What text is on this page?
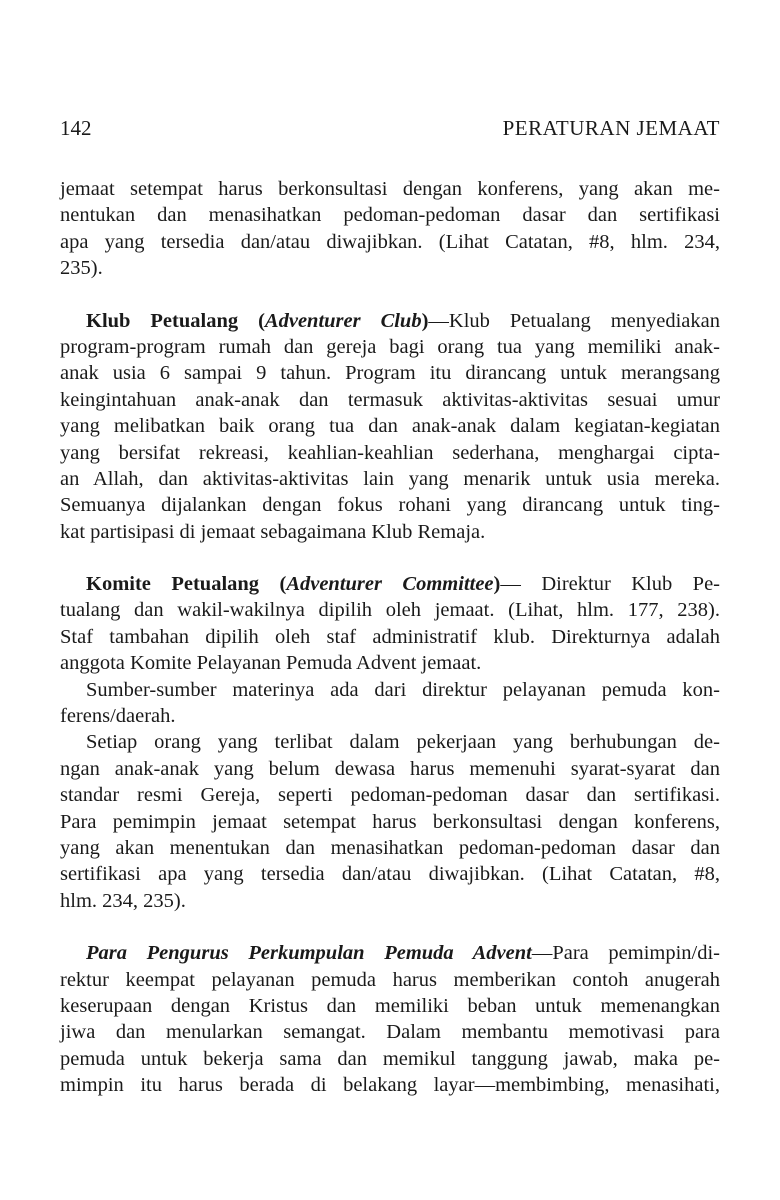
142	PERATURAN JEMAAT
jemaat setempat harus berkonsultasi dengan konferens, yang akan me-
nentukan dan menasihatkan pedoman-pedoman dasar dan sertifikasi
apa yang tersedia dan/atau diwajibkan. (Lihat Catatan, #8, hlm. 234,
235).
Klub Petualang (Adventurer Club)—Klub Petualang menyediakan
program-program rumah dan gereja bagi orang tua yang memiliki anak-
anak usia 6 sampai 9 tahun. Program itu dirancang untuk merangsang
keingintahuan anak-anak dan termasuk aktivitas-aktivitas sesuai umur
yang melibatkan baik orang tua dan anak-anak dalam kegiatan-kegiatan
yang bersifat rekreasi, keahlian-keahlian sederhana, menghargai cipta-
an Allah, dan aktivitas-aktivitas lain yang menarik untuk usia mereka.
Semuanya dijalankan dengan fokus rohani yang dirancang untuk ting-
kat partisipasi di jemaat sebagaimana Klub Remaja.
Komite Petualang (Adventurer Committee)— Direktur Klub Pe-
tualang dan wakil-wakilnya dipilih oleh jemaat. (Lihat, hlm. 177, 238).
Staf tambahan dipilih oleh staf administratif klub. Direkturnya adalah
anggota Komite Pelayanan Pemuda Advent jemaat.
Sumber-sumber materinya ada dari direktur pelayanan pemuda kon-
ferens/daerah.
Setiap orang yang terlibat dalam pekerjaan yang berhubungan de-
ngan anak-anak yang belum dewasa harus memenuhi syarat-syarat dan
standar resmi Gereja, seperti pedoman-pedoman dasar dan sertifikasi.
Para pemimpin jemaat setempat harus berkonsultasi dengan konferens,
yang akan menentukan dan menasihatkan pedoman-pedoman dasar dan
sertifikasi apa yang tersedia dan/atau diwajibkan. (Lihat Catatan, #8,
hlm. 234, 235).
Para Pengurus Perkumpulan Pemuda Advent—Para pemimpin/di-
rektur keempat pelayanan pemuda harus memberikan contoh anugerah
keserupaan dengan Kristus dan memiliki beban untuk memenangkan
jiwa dan menularkan semangat. Dalam membantu memotivasi para
pemuda untuk bekerja sama dan memikul tanggung jawab, maka pe-
mimpin itu harus berada di belakang layar—membimbing, menasihati,
